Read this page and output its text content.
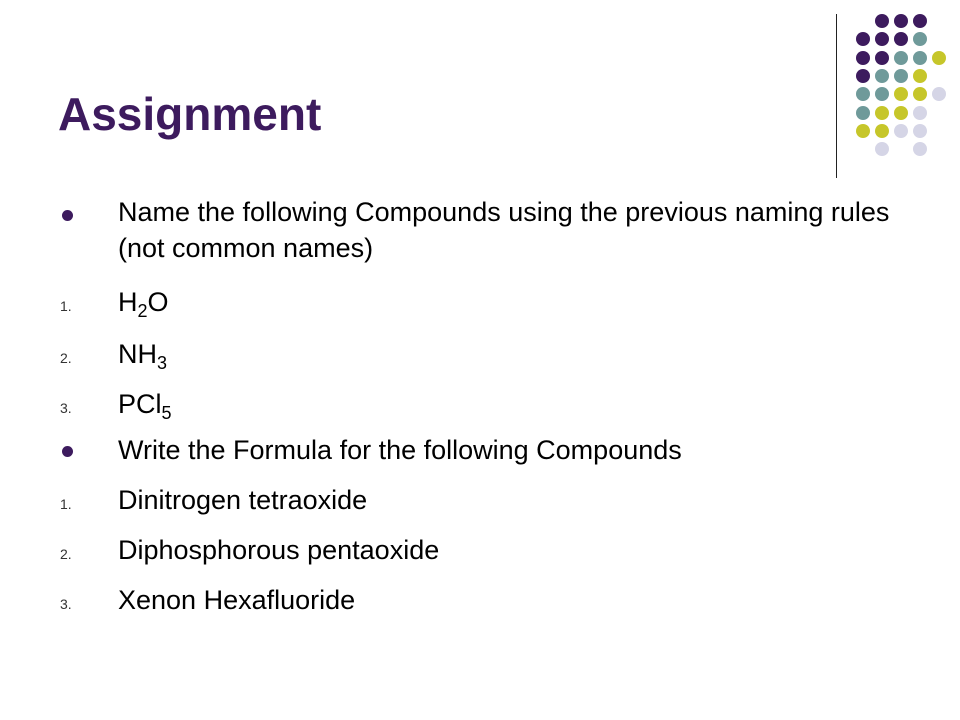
Assignment
Name the following Compounds using the previous naming rules (not common names)
1. $H_2O$
2. $NH_3$
3. PCl$_5$
Write the Formula for the following Compounds
1. Dinitrogen tetraoxide
2. Diphosphorous pentaoxide
3. Xenon Hexafluoride
